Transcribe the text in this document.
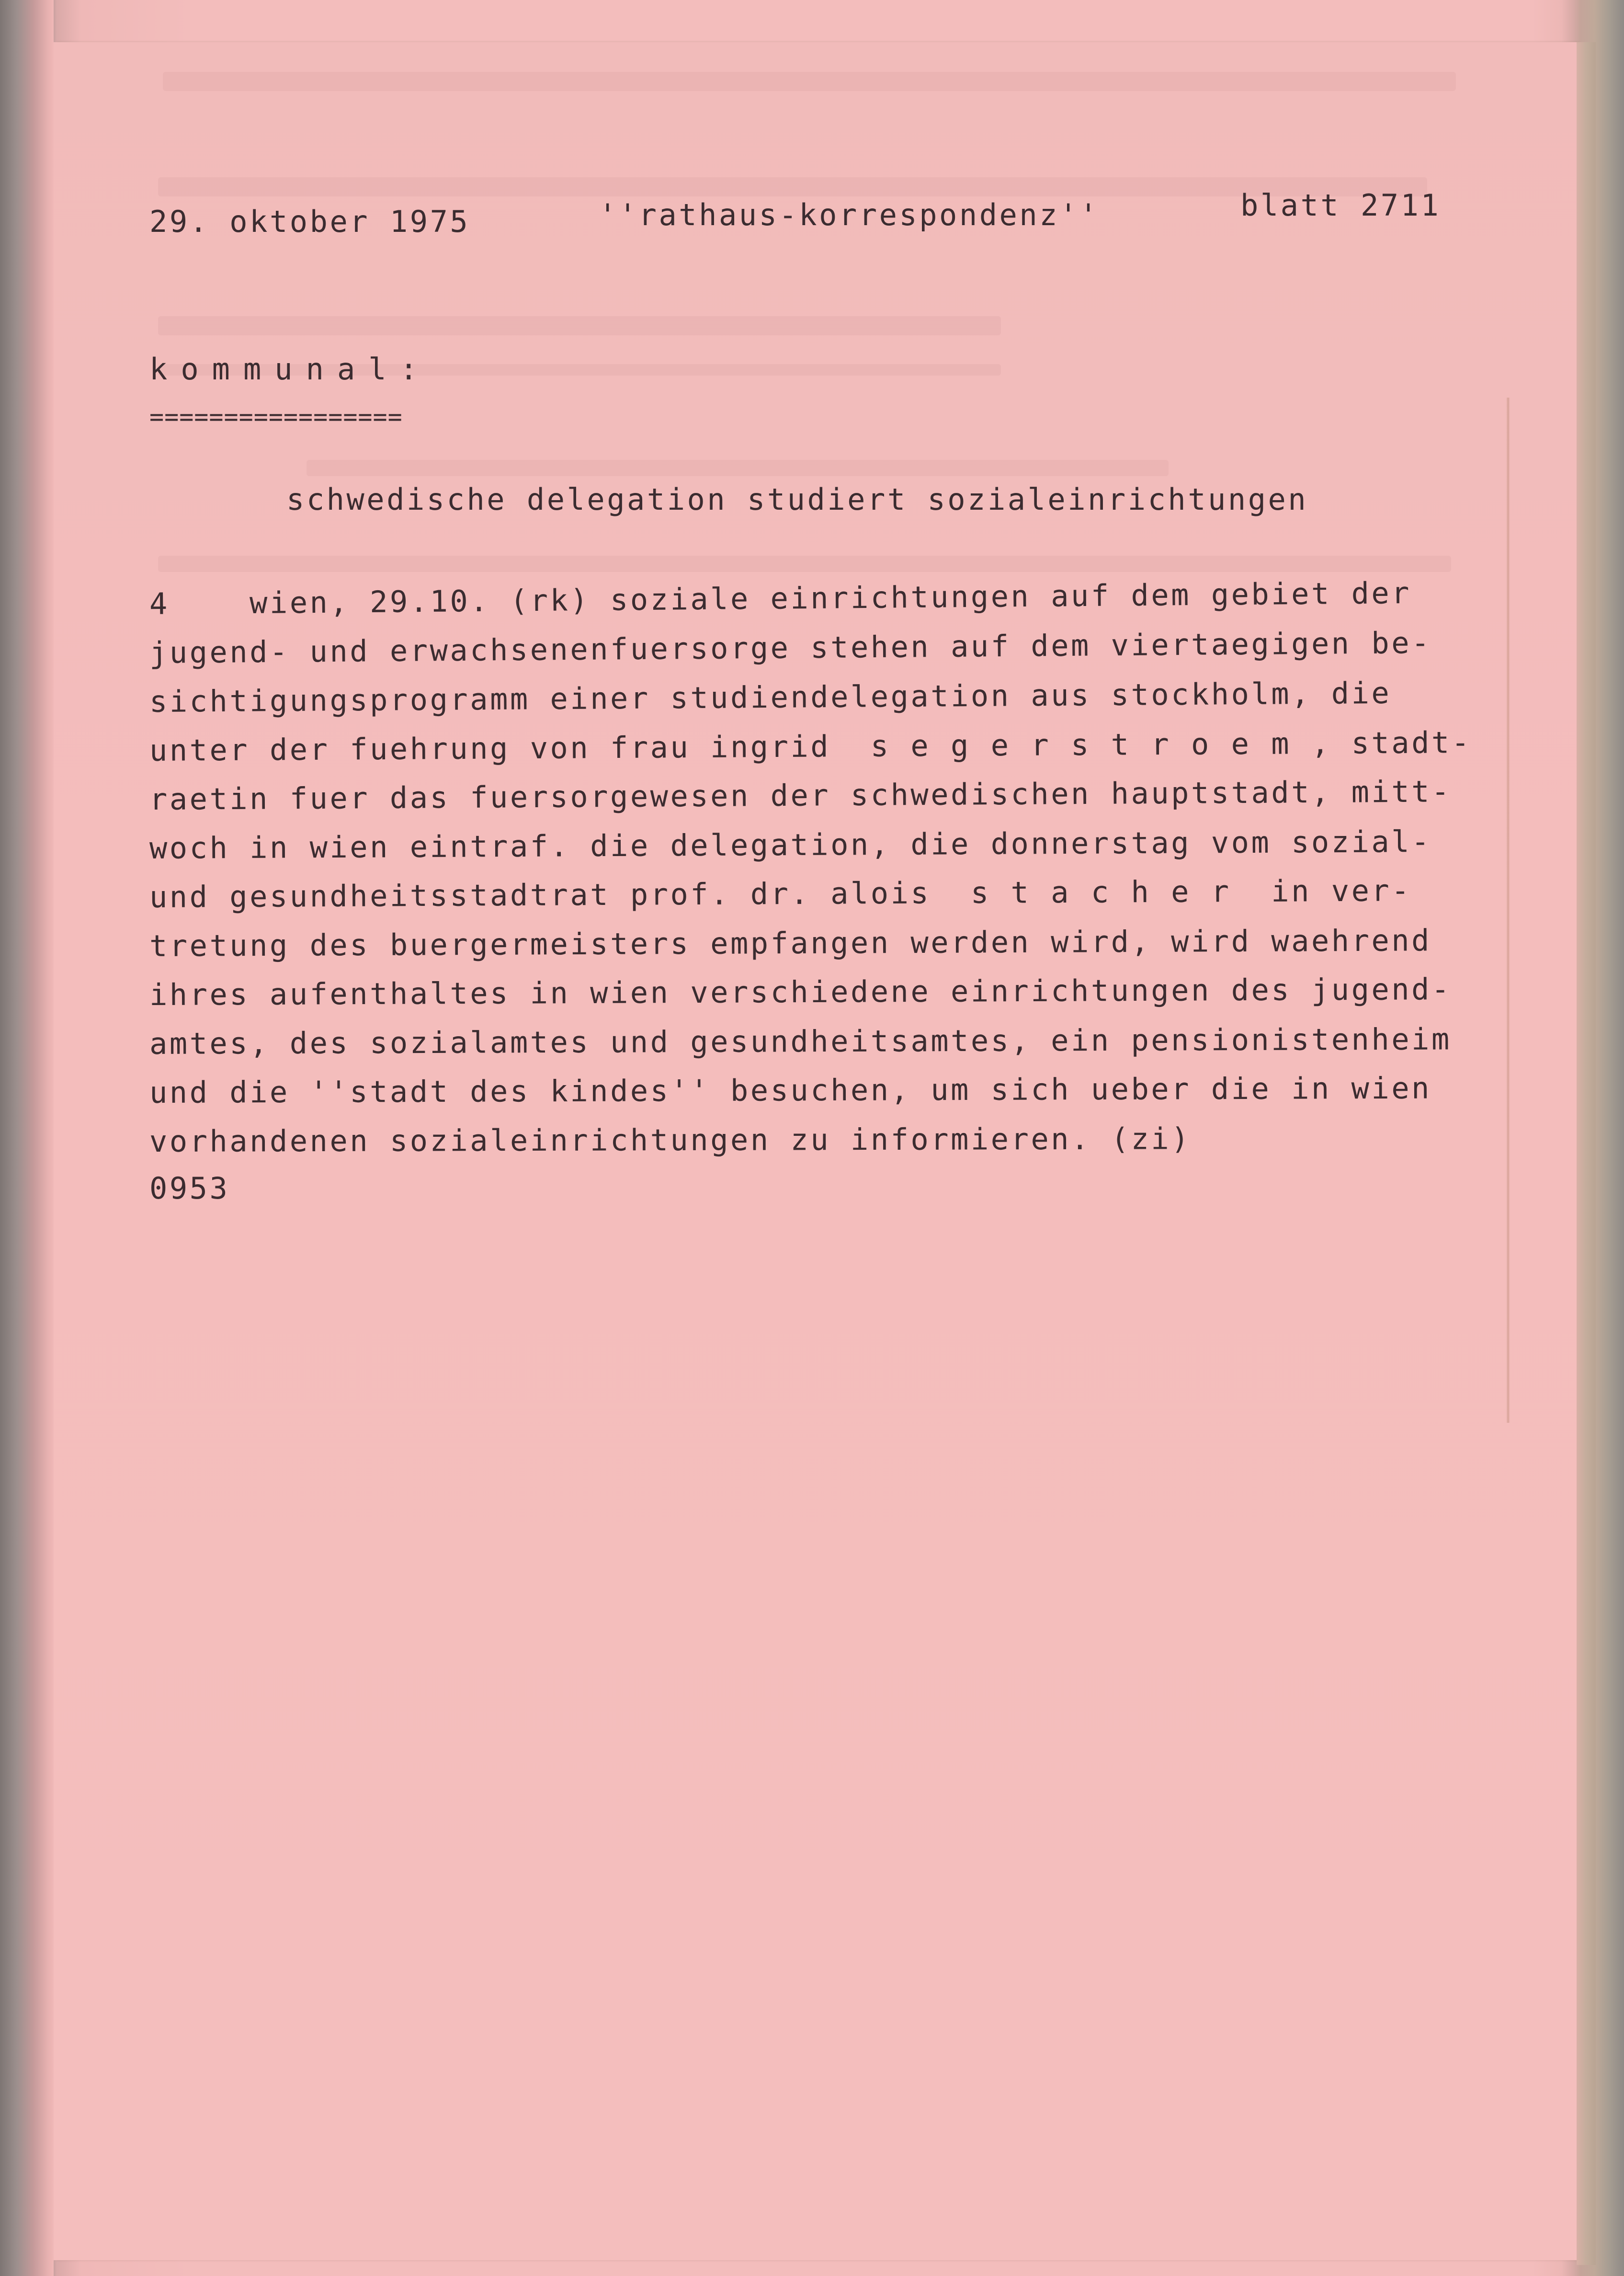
29. oktober 1975	''rathaus-korrespondenz''	blatt 2711
kommunal:
=================
schwedische delegation studiert sozialeinrichtungen
4    wien, 29.10. (rk) soziale einrichtungen auf dem gebiet der
jugend- und erwachsenenfuersorge stehen auf dem viertaegigen be-
sichtigungsprogramm einer studiendelegation aus stockholm, die
unter der fuehrung von frau ingrid  s e g e r s t r o e m , stadt-
raetin fuer das fuersorgewesen der schwedischen hauptstadt, mitt-
woch in wien eintraf. die delegation, die donnerstag vom sozial-
und gesundheitsstadtrat prof. dr. alois  s t a c h e r  in ver-
tretung des buergermeisters empfangen werden wird, wird waehrend
ihres aufenthaltes in wien verschiedene einrichtungen des jugend-
amtes, des sozialamtes und gesundheitsamtes, ein pensionistenheim
und die ''stadt des kindes'' besuchen, um sich ueber die in wien
vorhandenen sozialeinrichtungen zu informieren. (zi)
0953
